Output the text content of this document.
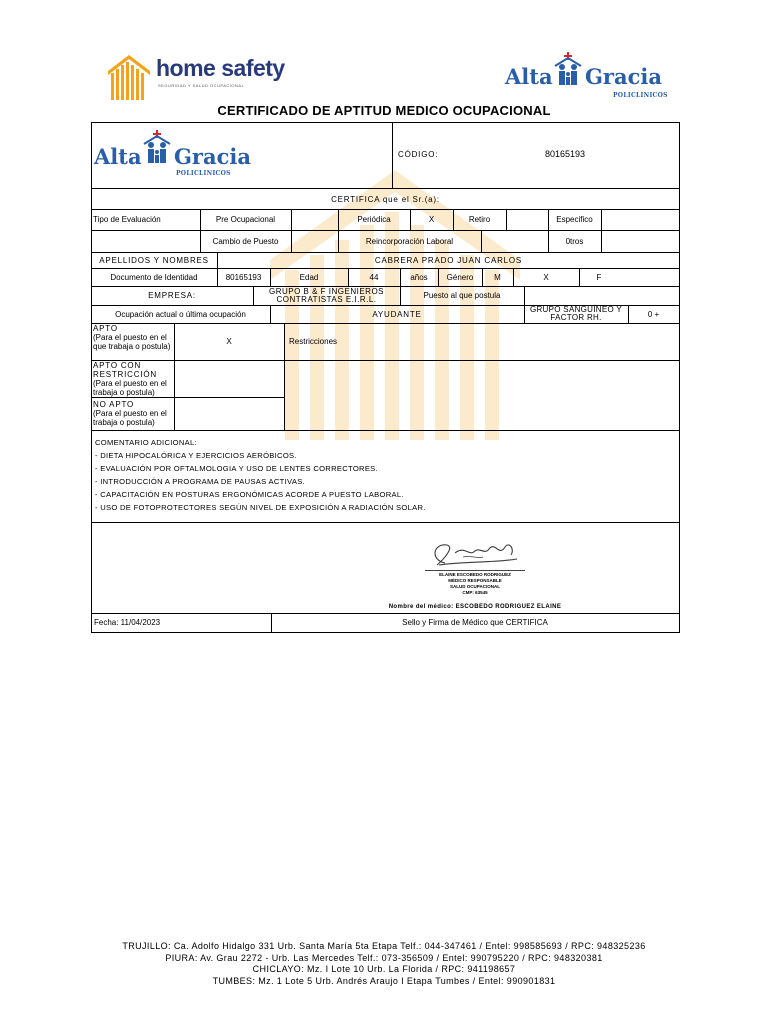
home safety
SEGURIDAD Y SALUD OCUPACIONAL	Alta Gracia
POLICLINICOS
CERTIFICADO DE APTITUD MEDICO OCUPACIONAL
Alta Gracia
POLICLINICOS
CÓDIGO:	80165193
CERTIFICA que el Sr.(a):
Tipo de Evaluación	Pre Ocupacional	Periódica	X	Retiro	Especifico
Cambio de Puesto	Reincorporación Laboral	0tros
APELLIDOS Y NOMBRES	CABRERA PRADO JUAN CARLOS
Documento de Identidad	80165193	Edad	44	años	Género	M	X	F
EMPRESA:	GRUPO B & F INGENIEROS CONTRATISTAS E.I.R.L.	Puesto al que postula
Ocupación actual o última ocupación	AYUDANTE	GRUPO SANGUÍNEO Y FACTOR RH.	0 +
APTO
(Para el puesto en el que trabaja o postula)
X	Restricciones
APTO CON RESTRICCIÓN
(Para el puesto en el trabaja o postula)
NO APTO
(Para el puesto en el trabaja o postula)
COMENTARIO ADICIONAL:
- DIETA HIPOCALÓRICA Y EJERCICIOS AERÓBICOS.
- EVALUACIÓN POR OFTALMOLOGIA Y USO DE LENTES CORRECTORES.
- INTRODUCCIÓN A PROGRAMA DE PAUSAS ACTIVAS.
- CAPACITACIÓN EN POSTURAS ERGONÓMICAS ACORDE A PUESTO LABORAL.
- USO DE FOTOPROTECTORES SEGÚN NIVEL DE EXPOSICIÓN A RADIACIÓN SOLAR.
ELAINE ESCOBEDO RODRIGUEZ
MÉDICO RESPONSABLE
SALUD OCUPACIONAL
CMP: 63545
Nombre del médico: ESCOBEDO RODRIGUEZ ELAINE
Fecha: 11/04/2023	Sello y Firma de Médico que CERTIFICA
TRUJILLO: Ca. Adolfo Hidalgo 331 Urb. Santa María 5ta Etapa Telf.: 044-347461 / Entel: 998585693 / RPC: 948325236
PIURA: Av. Grau 2272 - Urb. Las Mercedes Telf.: 073-356509 / Entel: 990795220 / RPC: 948320381
CHICLAYO: Mz. I Lote 10 Urb. La Florida / RPC: 941198657
TUMBES: Mz. 1 Lote 5 Urb. Andrés Araujo I Etapa Tumbes / Entel: 990901831
